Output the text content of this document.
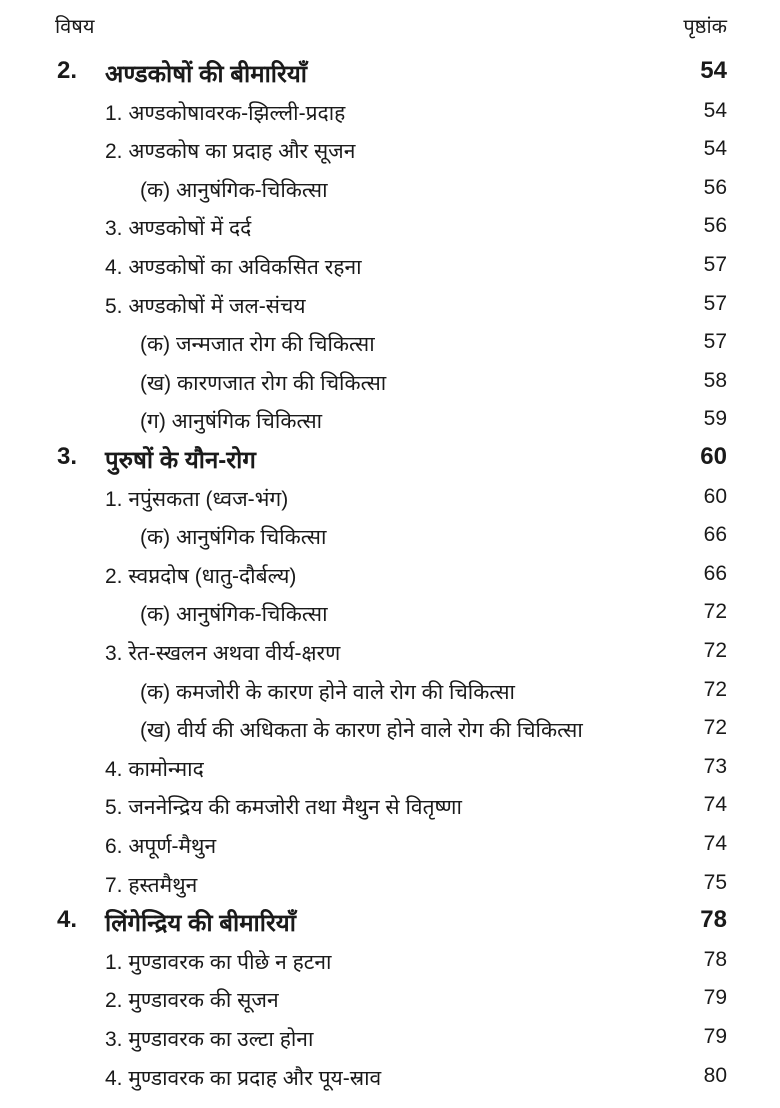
विषय	पृष्ठांक
2. अण्डकोषों की बीमारियाँ	54
1. अण्डकोषावरक-झिल्ली-प्रदाह	54
2. अण्डकोष का प्रदाह और सूजन	54
(क) आनुषंगिक-चिकित्सा	56
3. अण्डकोषों में दर्द	56
4. अण्डकोषों का अविकसित रहना	57
5. अण्डकोषों में जल-संचय	57
(क) जन्मजात रोग की चिकित्सा	57
(ख) कारणजात रोग की चिकित्सा	58
(ग) आनुषंगिक चिकित्सा	59
3. पुरुषों के यौन-रोग	60
1. नपुंसकता (ध्वज-भंग)	60
(क) आनुषंगिक चिकित्सा	66
2. स्वप्नदोष (धातु-दौर्बल्य)	66
(क) आनुषंगिक-चिकित्सा	72
3. रेत-स्खलन अथवा वीर्य-क्षरण	72
(क) कमजोरी के कारण होने वाले रोग की चिकित्सा	72
(ख) वीर्य की अधिकता के कारण होने वाले रोग की चिकित्सा	72
4. कामोन्माद	73
5. जननेन्द्रिय की कमजोरी तथा मैथुन से वितृष्णा	74
6. अपूर्ण-मैथुन	74
7. हस्तमैथुन	75
4. लिंगेन्द्रिय की बीमारियाँ	78
1. मुण्डावरक का पीछे न हटना	78
2. मुण्डावरक की सूजन	79
3. मुण्डावरक का उल्टा होना	79
4. मुण्डावरक का प्रदाह और पूय-स्राव	80
